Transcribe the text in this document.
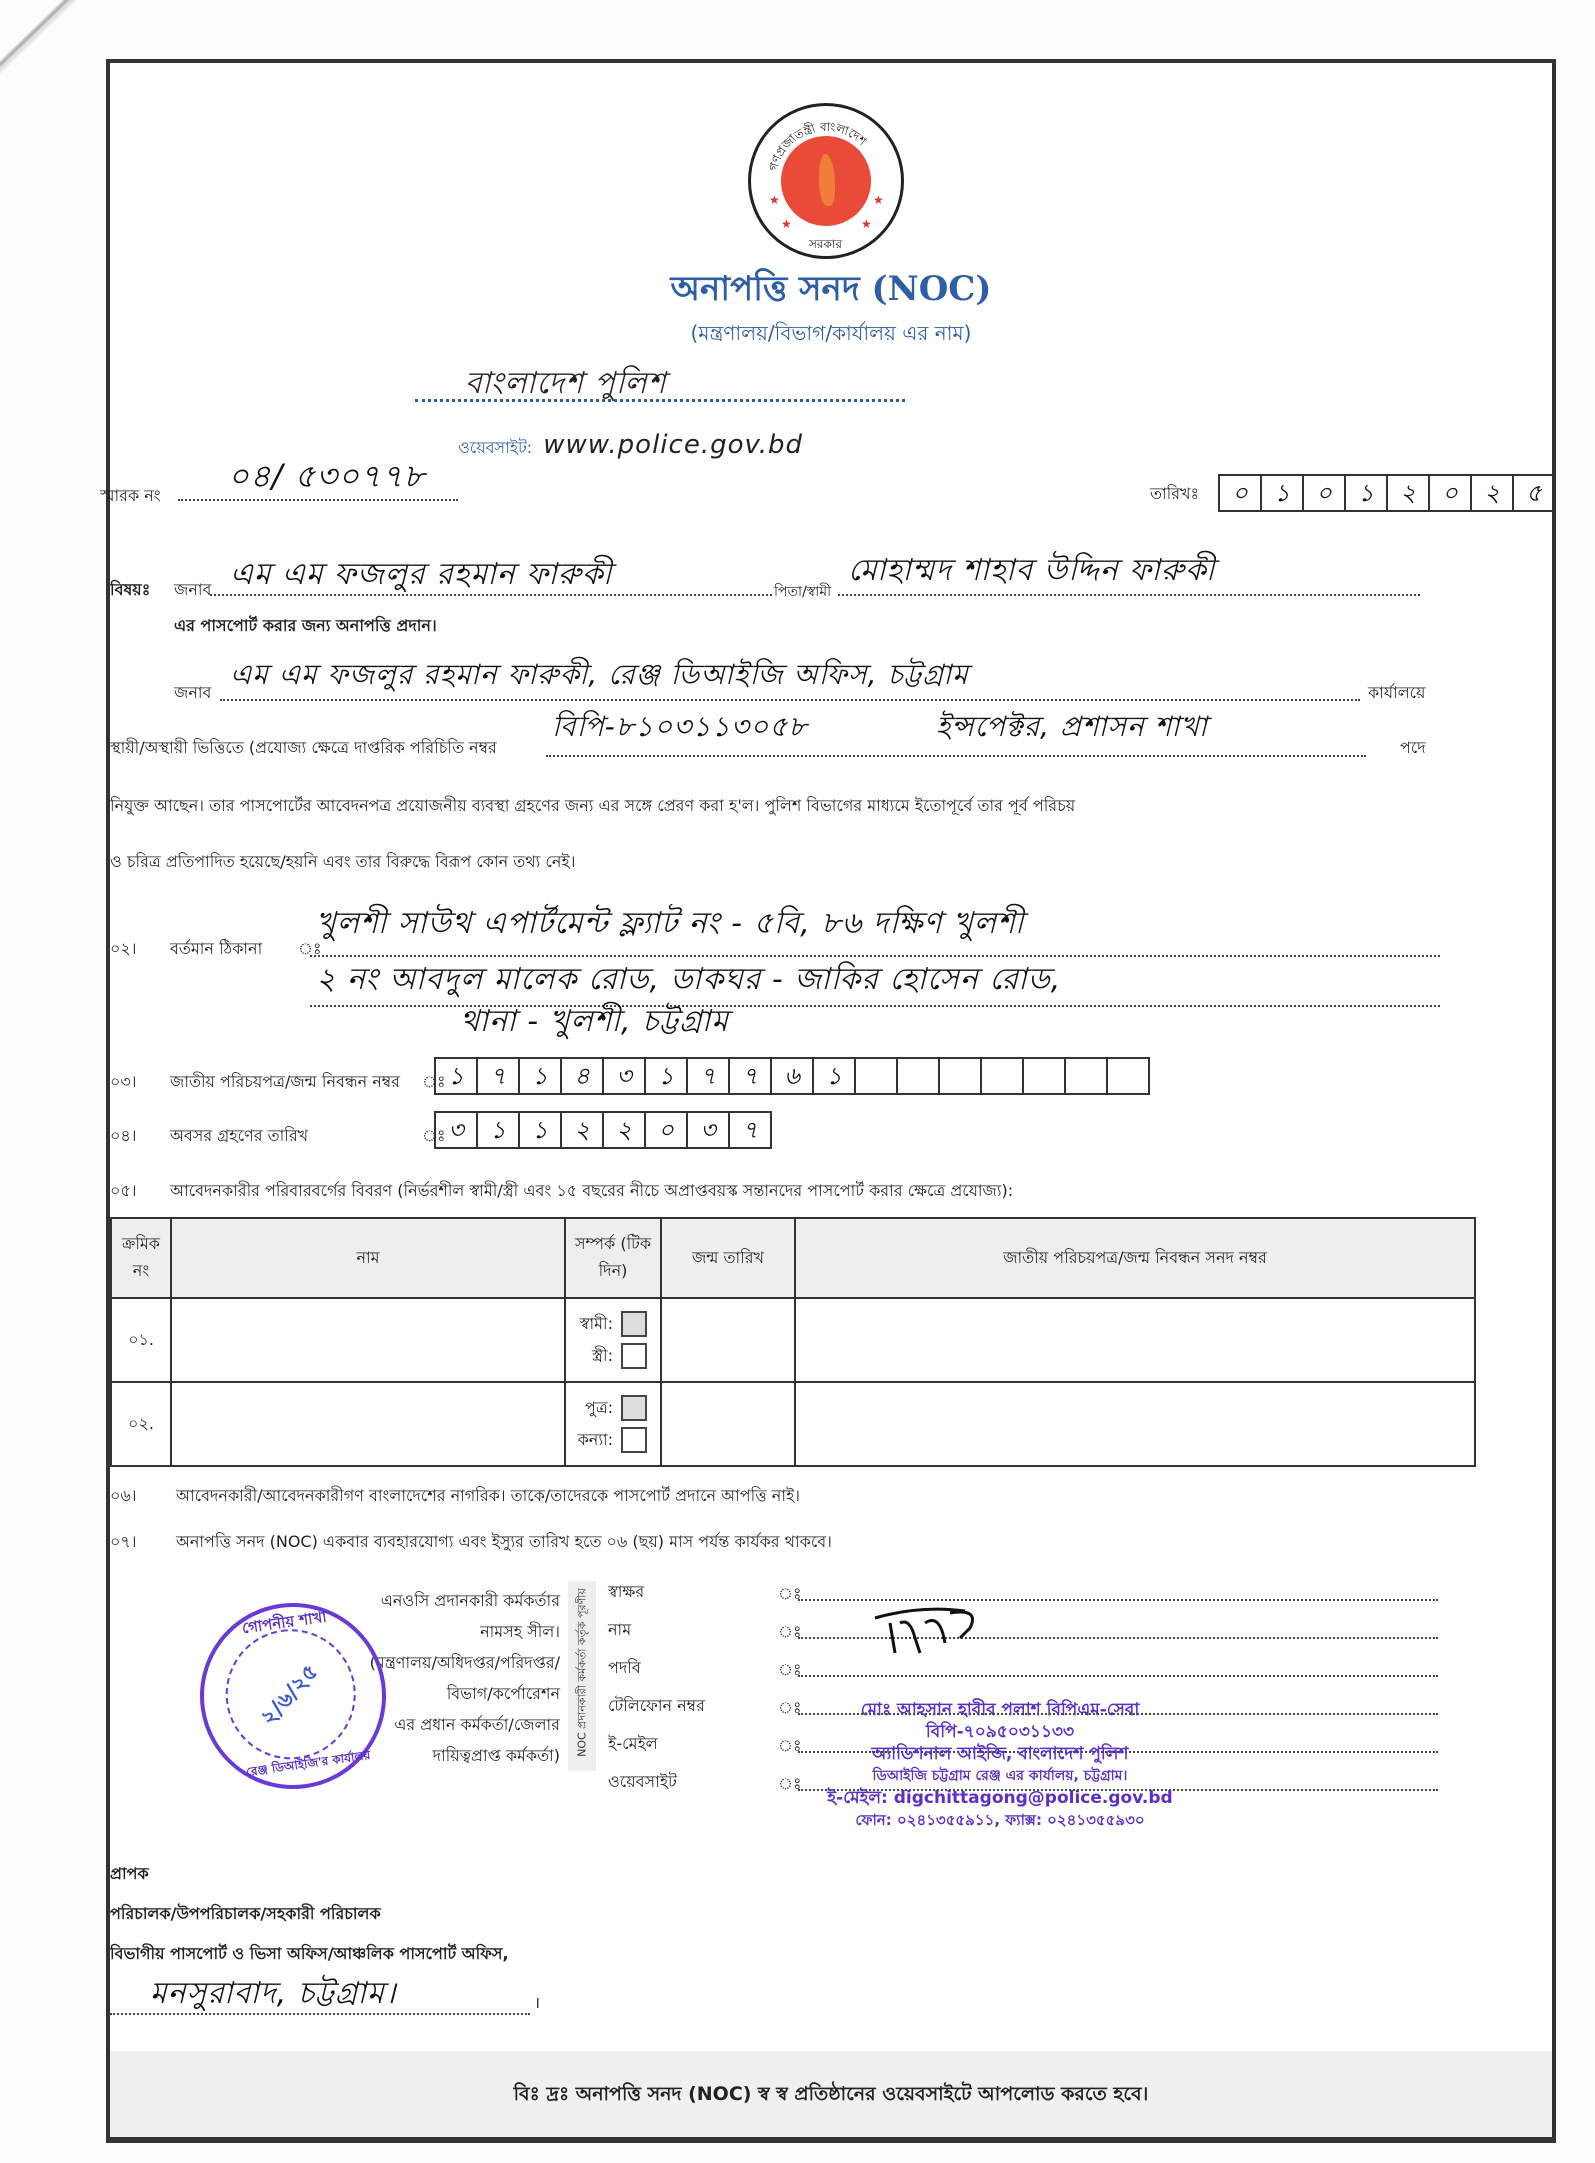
গণপ্রজাতন্ত্রী বাংলাদেশ
সরকার
★	★
★	★
অনাপত্তি সনদ (NOC)
(মন্ত্রণালয়/বিভাগ/কার্যালয় এর নাম)
বাংলাদেশ পুলিশ
ওয়েবসাইট: www.police.gov.bd
স্মারক নং
০৪/ ৫৩০৭৭৮	তারিখঃ	০	১	০	১	২	০	২	৫
বিষয়ঃ জনাব এম এম ফজলুর রহমান ফারুকী	পিতা/স্বামী
মোহাম্মদ শাহাব উদ্দিন ফারুকী
এর পাসপোর্ট করার জন্য অনাপত্তি প্রদান।
জনাব
এম এম ফজলুর রহমান ফারুকী, রেঞ্জ ডিআইজি অফিস, চট্টগ্রাম
কার্যালয়ে
স্থায়ী/অস্থায়ী ভিত্তিতে (প্রযোজ্য ক্ষেত্রে দাপ্তরিক পরিচিতি নম্বর
বিপি-৮১০৩১১৩০৫৮	ইন্সপেক্টর, প্রশাসন শাখা
পদে
নিযুক্ত আছেন। তার পাসপোর্টের আবেদনপত্র প্রয়োজনীয় ব্যবস্থা গ্রহণের জন্য এর সঙ্গে প্রেরণ করা হ'ল। পুলিশ বিভাগের মাধ্যমে ইতোপূর্বে তার পূর্ব পরিচয়
ও চরিত্র প্রতিপাদিত হয়েছে/হয়নি এবং তার বিরুদ্ধে বিরূপ কোন তথ্য নেই।
০২। বর্তমান ঠিকানা ঃ
খুলশী সাউথ এপার্টমেন্ট ফ্ল্যাট নং - ৫বি, ৮৬ দক্ষিণ খুলশী
২ নং আবদুল মালেক রোড, ডাকঘর - জাকির হোসেন রোড,
থানা - খুলশী, চট্টগ্রাম
০৩। জাতীয় পরিচয়পত্র/জন্ম নিবন্ধন নম্বর ঃ ১	৭	১	৪	৩	১	৭	৭	৬	১
০৪। অবসর গ্রহণের তারিখ	ঃ ৩	১	১	২	২	০	৩	৭
০৫। আবেদনকারীর পরিবারবর্গের বিবরণ (নির্ভরশীল স্বামী/স্ত্রী এবং ১৫ বছরের নীচে অপ্রাপ্তবয়স্ক সন্তানদের পাসপোর্ট করার ক্ষেত্রে প্রযোজ্য):
ক্রমিক নং	নাম	সম্পর্ক (টিক দিন)	জন্ম তারিখ	জাতীয় পরিচয়পত্র/জন্ম নিবন্ধন সনদ নম্বর
০১.		স্বামী:
স্ত্রী:		

০২.		পুত্র:
কন্যা:		

০৬। আবেদনকারী/আবেদনকারীগণ বাংলাদেশের নাগরিক। তাকে/তাদেরকে পাসপোর্ট প্রদানে আপত্তি নাই।
০৭। অনাপত্তি সনদ (NOC) একবার ব্যবহারযোগ্য এবং ইস্যুর তারিখ হতে ০৬ (ছয়) মাস পর্যন্ত কার্যকর থাকবে।
এনওসি প্রদানকারী কর্মকর্তার
নামসহ সীল।
(মন্ত্রণালয়/অধিদপ্তর/পরিদপ্তর/
বিভাগ/কর্পোরেশন
এর প্রধান কর্মকর্তা/জেলার
দায়িত্বপ্রাপ্ত কর্মকর্তা) NOC প্রদানকারী কর্মকর্তা কর্তৃক পূরণীয় স্বাক্ষর	ঃ
নাম	ঃ
পদবি	ঃ
টেলিফোন নম্বর	ঃ
ই-মেইল	ঃ
ওয়েবসাইট	ঃ
মোঃ আহসান হাবীব পলাশ বিপিএম-সেবা
বিপি-৭০৯৫০৩১১৩৩
অ্যাডিশনাল আইজি, বাংলাদেশ পুলিশ
ডিআইজি চট্টগ্রাম রেঞ্জ এর কার্যালয়, চট্টগ্রাম।
ই-মেইল: digchittagong@police.gov.bd
ফোন: ০২৪১৩৫৫৯১১, ফ্যাক্স: ০২৪১৩৫৫৯৩০
গোপনীয় শাখা
রেঞ্জ ডিআইজি'র কার্যালয়
২/৬/২৫
প্রাপক
পরিচালক/উপপরিচালক/সহকারী পরিচালক
বিভাগীয় পাসপোর্ট ও ভিসা অফিস/আঞ্চলিক পাসপোর্ট অফিস,
মনসুরাবাদ, চট্টগ্রাম।	।
বিঃ দ্রঃ অনাপত্তি সনদ (NOC) স্ব স্ব প্রতিষ্ঠানের ওয়েবসাইটে আপলোড করতে হবে।
